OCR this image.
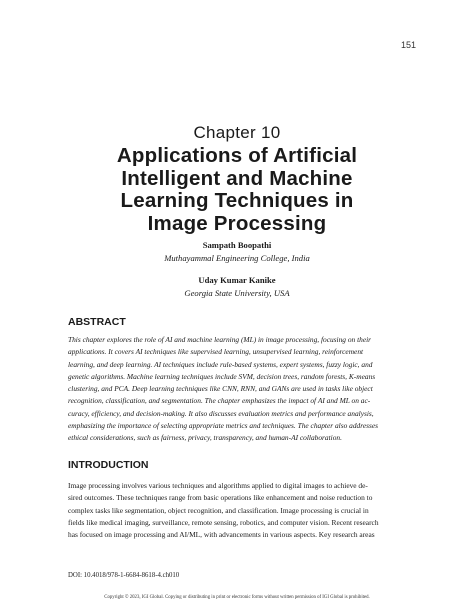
151
Chapter 10
Applications of Artificial
Intelligent and Machine
Learning Techniques in
Image Processing
Sampath Boopathi
Muthayammal Engineering College, India
Uday Kumar Kanike
Georgia State University, USA
ABSTRACT
This chapter explores the role of AI and machine learning (ML) in image processing, focusing on their
applications. It covers AI techniques like supervised learning, unsupervised learning, reinforcement
learning, and deep learning. AI techniques include rule-based systems, expert systems, fuzzy logic, and
genetic algorithms. Machine learning techniques include SVM, decision trees, random forests, K-means
clustering, and PCA. Deep learning techniques like CNN, RNN, and GANs are used in tasks like object
recognition, classification, and segmentation. The chapter emphasizes the impact of AI and ML on ac-
curacy, efficiency, and decision-making. It also discusses evaluation metrics and performance analysis,
emphasizing the importance of selecting appropriate metrics and techniques. The chapter also addresses
ethical considerations, such as fairness, privacy, transparency, and human-AI collaboration.
INTRODUCTION
Image processing involves various techniques and algorithms applied to digital images to achieve de-
sired outcomes. These techniques range from basic operations like enhancement and noise reduction to
complex tasks like segmentation, object recognition, and classification. Image processing is crucial in
fields like medical imaging, surveillance, remote sensing, robotics, and computer vision. Recent research
has focused on image processing and AI/ML, with advancements in various aspects. Key research areas
DOI: 10.4018/978-1-6684-8618-4.ch010
Copyright © 2023, IGI Global. Copying or distributing in print or electronic forms without written permission of IGI Global is prohibited.
